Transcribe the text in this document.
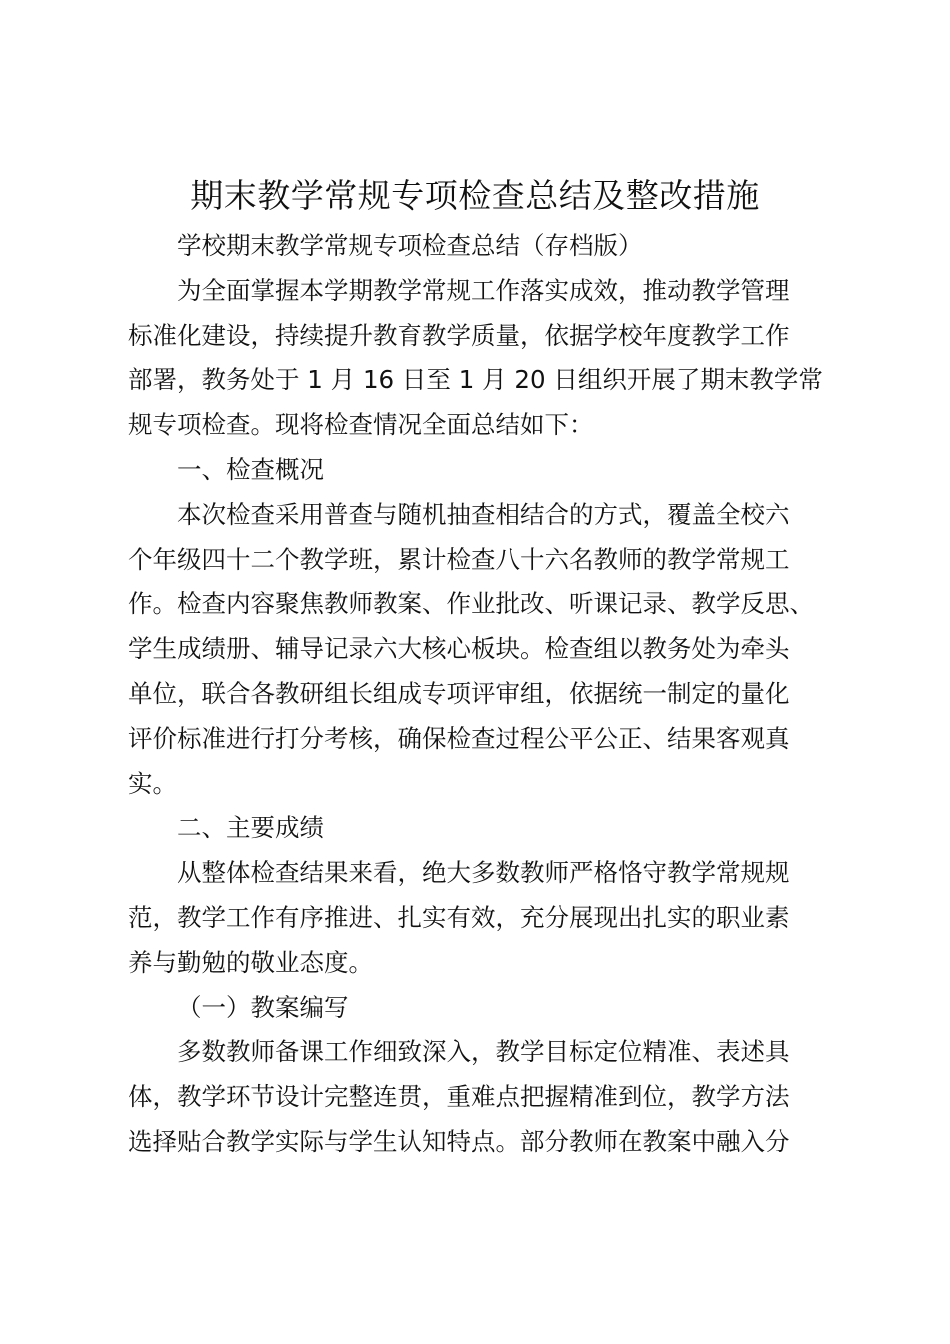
期末教学常规专项检查总结及整改措施
学校期末教学常规专项检查总结（存档版）
为全面掌握本学期教学常规工作落实成效，推动教学管理
标准化建设，持续提升教育教学质量，依据学校年度教学工作
部署，教务处于 1 月 16 日至 1 月 20 日组织开展了期末教学常
规专项检查。现将检查情况全面总结如下：
一、检查概况
本次检查采用普查与随机抽查相结合的方式，覆盖全校六
个年级四十二个教学班，累计检查八十六名教师的教学常规工
作。检查内容聚焦教师教案、作业批改、听课记录、教学反思、
学生成绩册、辅导记录六大核心板块。检查组以教务处为牵头
单位，联合各教研组长组成专项评审组，依据统一制定的量化
评价标准进行打分考核，确保检查过程公平公正、结果客观真
实。
二、主要成绩
从整体检查结果来看，绝大多数教师严格恪守教学常规规
范，教学工作有序推进、扎实有效，充分展现出扎实的职业素
养与勤勉的敬业态度。
（一）教案编写
多数教师备课工作细致深入，教学目标定位精准、表述具
体，教学环节设计完整连贯，重难点把握精准到位，教学方法
选择贴合教学实际与学生认知特点。部分教师在教案中融入分
